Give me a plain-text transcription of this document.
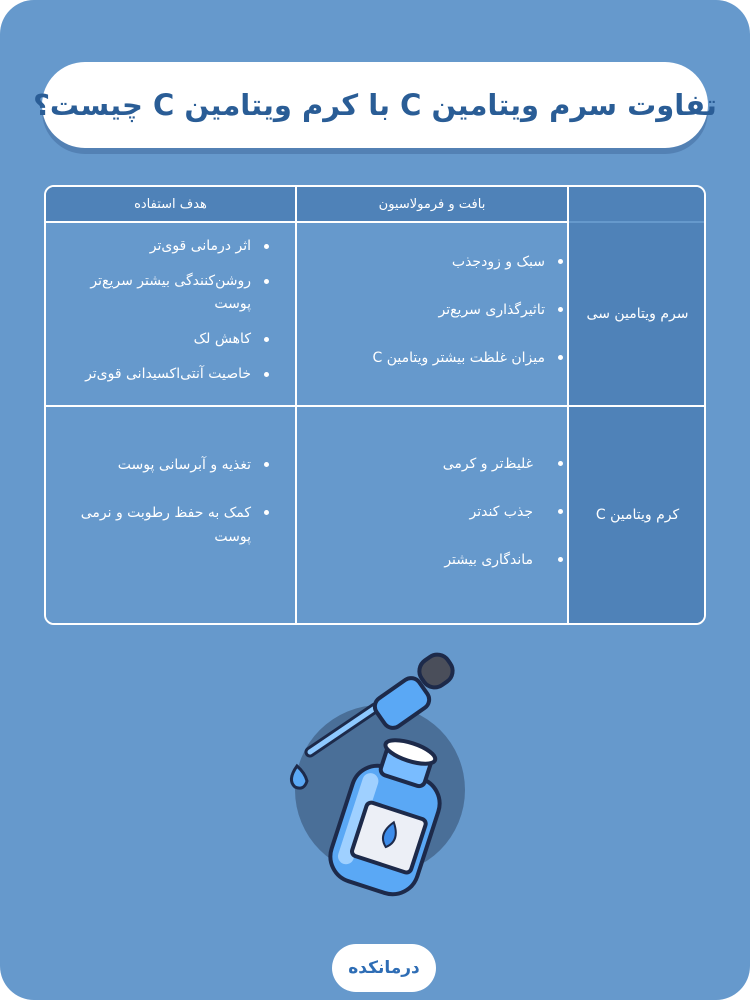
تفاوت سرم ویتامین C با کرم ویتامین C چیست؟
هدف استفاده	بافت و فرمولاسیون
اثر درمانی قوی‌تر
روشن‌کنندگی بیشتر سریع‌تر پوست
کاهش لک
خاصیت آنتی‌اکسیدانی قوی‌تر
سبک و زودجذب
تاثیرگذاری سریع‌تر
میزان غلظت بیشتر ویتامین C
سرم ویتامین سی
تغذیه و آبرسانی پوست
کمک به حفظ رطوبت و نرمی پوست
غلیظ‌تر و کرمی
جذب کندتر
ماندگاری بیشتر
کرم ویتامین C
درمانکده
